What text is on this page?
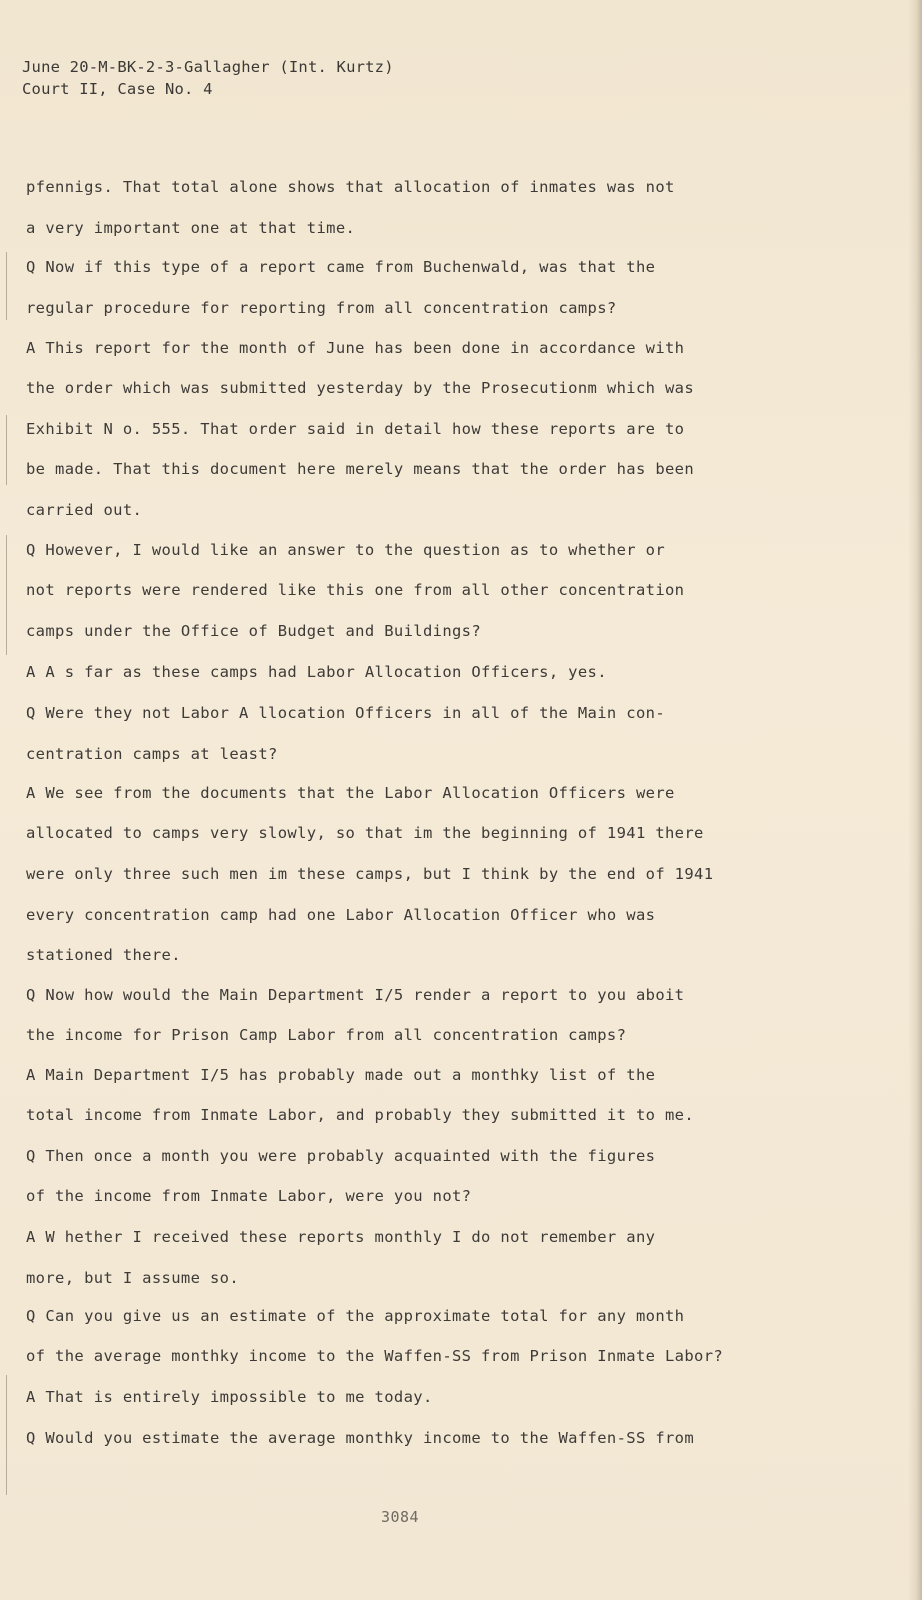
June 20-M-BK-2-3-Gallagher (Int. Kurtz)
Court II, Case No. 4
pfennigs. That total alone shows that allocation of inmates was not
a very important one at that time.
Q Now if this type of a report came from Buchenwald, was that the
regular procedure for reporting from all concentration camps?
A This report for the month of June has been done in accordance with
the order which was submitted yesterday by the Prosecutionm which was
Exhibit N o. 555. That order said in detail how these reports are to
be made. That this document here merely means that the order has been
carried out.
Q However, I would like an answer to the question as to whether or
not reports were rendered like this one from all other concentration
camps under the Office of Budget and Buildings?
A A s far as these camps had Labor Allocation Officers, yes.
Q Were they not Labor A llocation Officers in all of the Main con-
centration camps at least?
A We see from the documents that the Labor Allocation Officers were
allocated to camps very slowly, so that im the beginning of 1941 there
were only three such men im these camps, but I think by the end of 1941
every concentration camp had one Labor Allocation Officer who was
stationed there.
Q Now how would the Main Department I/5 render a report to you aboit
the income for Prison Camp Labor from all concentration camps?
A Main Department I/5 has probably made out a monthky list of the
total income from Inmate Labor, and probably they submitted it to me.
Q Then once a month you were probably acquainted with the figures
of the income from Inmate Labor, were you not?
A W hether I received these reports monthly I do not remember any
more, but I assume so.
Q Can you give us an estimate of the approximate total for any month
of the average monthky income to the Waffen-SS from Prison Inmate Labor?
A That is entirely impossible to me today.
Q Would you estimate the average monthky income to the Waffen-SS from
3084
